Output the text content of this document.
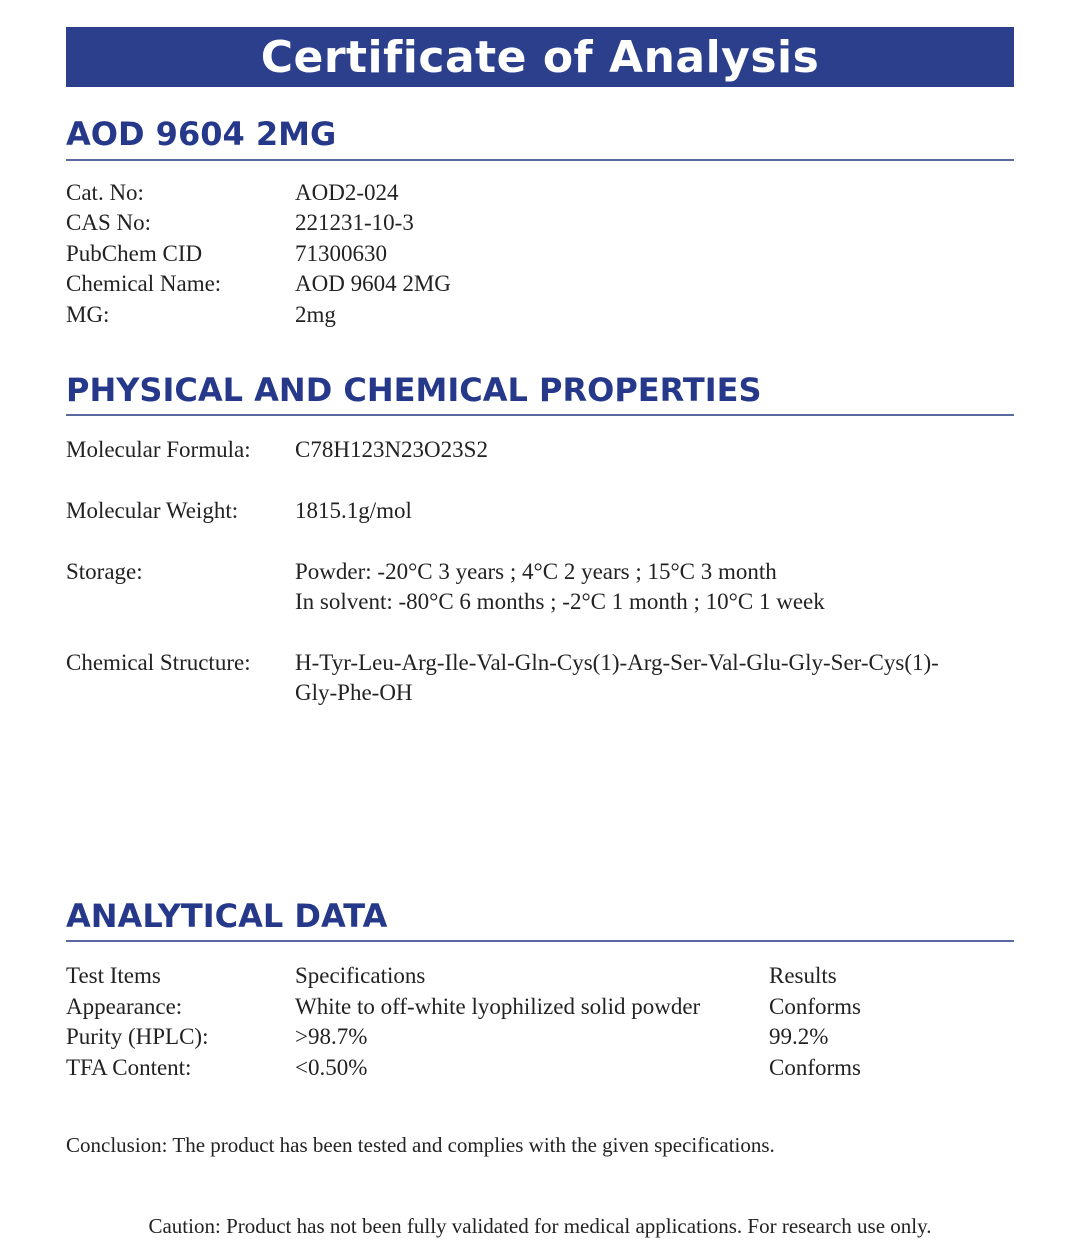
Certificate of Analysis
AOD 9604 2MG
Cat. No:	AOD2-024
CAS No:	221231-10-3
PubChem CID	71300630
Chemical Name:	AOD 9604 2MG
MG:	2mg
PHYSICAL AND CHEMICAL PROPERTIES
Molecular Formula: C78H123N23O23S2
Molecular Weight: 1815.1g/mol
Storage:	Powder: -20°C 3 years ; 4°C 2 years ; 15°C 3 month
In solvent: -80°C 6 months ; -2°C 1 month ; 10°C 1 week
Chemical Structure: H-Tyr-Leu-Arg-Ile-Val-Gln-Cys(1)-Arg-Ser-Val-Glu-Gly-Ser-Cys(1)-
Gly-Phe-OH
ANALYTICAL DATA
Test Items	Specifications	Results
Appearance:	White to off-white lyophilized solid powder	Conforms
Purity (HPLC):	>98.7%	99.2%
TFA Content:	<0.50%	Conforms
Conclusion: The product has been tested and complies with the given specifications.
Caution: Product has not been fully validated for medical applications. For research use only.
